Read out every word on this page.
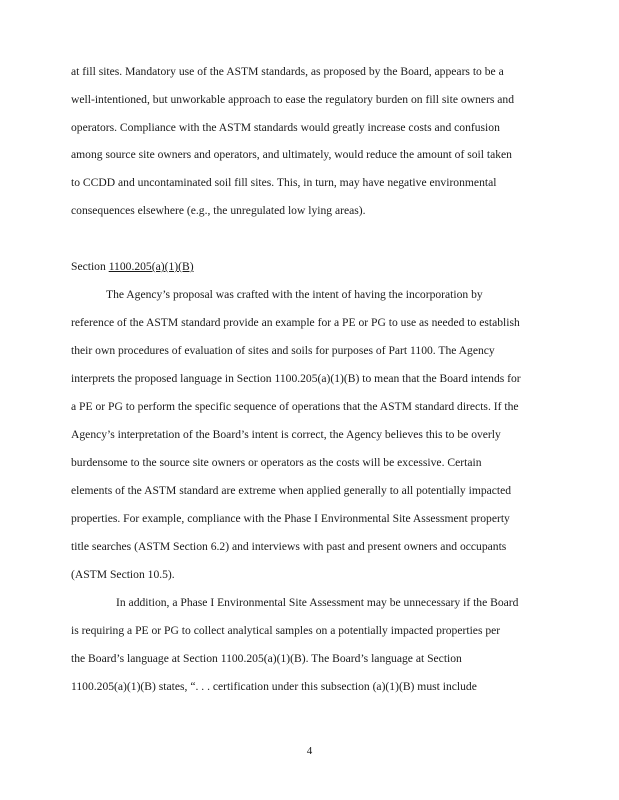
at fill sites. Mandatory use of the ASTM standards, as proposed by the Board, appears to be a
well-intentioned, but unworkable approach to ease the regulatory burden on fill site owners and
operators. Compliance with the ASTM standards would greatly increase costs and confusion
among source site owners and operators, and ultimately, would reduce the amount of soil taken
to CCDD and uncontaminated soil fill sites. This, in turn, may have negative environmental
consequences elsewhere (e.g., the unregulated low lying areas).
Section 1100.205(a)(1)(B)
The Agency’s proposal was crafted with the intent of having the incorporation by
reference of the ASTM standard provide an example for a PE or PG to use as needed to establish
their own procedures of evaluation of sites and soils for purposes of Part 1100. The Agency
interprets the proposed language in Section 1100.205(a)(1)(B) to mean that the Board intends for
a PE or PG to perform the specific sequence of operations that the ASTM standard directs. If the
Agency’s interpretation of the Board’s intent is correct, the Agency believes this to be overly
burdensome to the source site owners or operators as the costs will be excessive. Certain
elements of the ASTM standard are extreme when applied generally to all potentially impacted
properties. For example, compliance with the Phase I Environmental Site Assessment property
title searches (ASTM Section 6.2) and interviews with past and present owners and occupants
(ASTM Section 10.5).
In addition, a Phase I Environmental Site Assessment may be unnecessary if the Board
is requiring a PE or PG to collect analytical samples on a potentially impacted properties per
the Board’s language at Section 1100.205(a)(1)(B). The Board’s language at Section
1100.205(a)(1)(B) states, “. . . certification under this subsection (a)(1)(B) must include
4
